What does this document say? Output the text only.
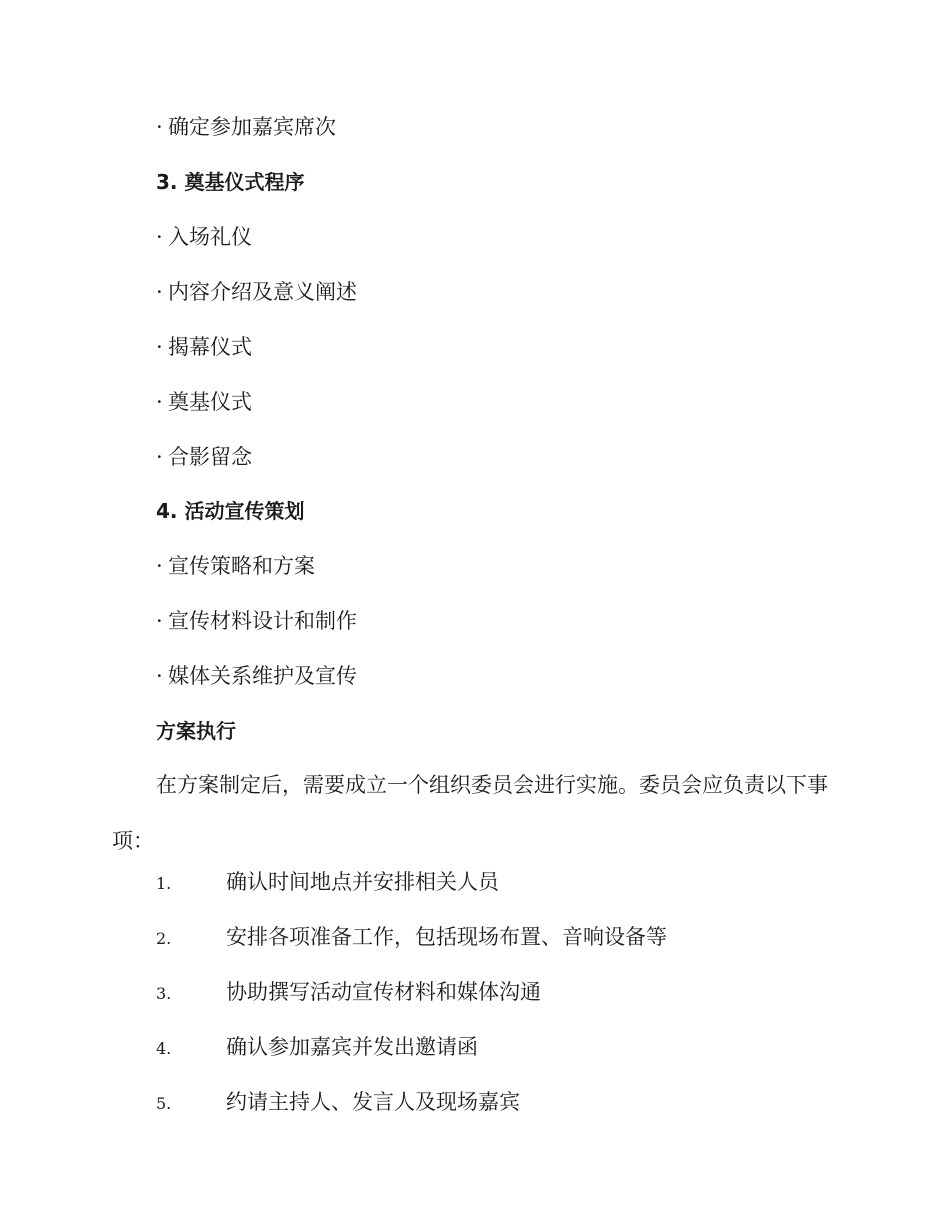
· 确定参加嘉宾席次
3. 奠基仪式程序
· 入场礼仪
· 内容介绍及意义阐述
· 揭幕仪式
· 奠基仪式
· 合影留念
4. 活动宣传策划
· 宣传策略和方案
· 宣传材料设计和制作
· 媒体关系维护及宣传
方案执行

在方案制定后，需要成立一个组织委员会进行实施。委员会应负责以下事项：

1.	确认时间地点并安排相关人员
2.	安排各项准备工作，包括现场布置、音响设备等
3.	协助撰写活动宣传材料和媒体沟通
4.	确认参加嘉宾并发出邀请函
5.	约请主持人、发言人及现场嘉宾
